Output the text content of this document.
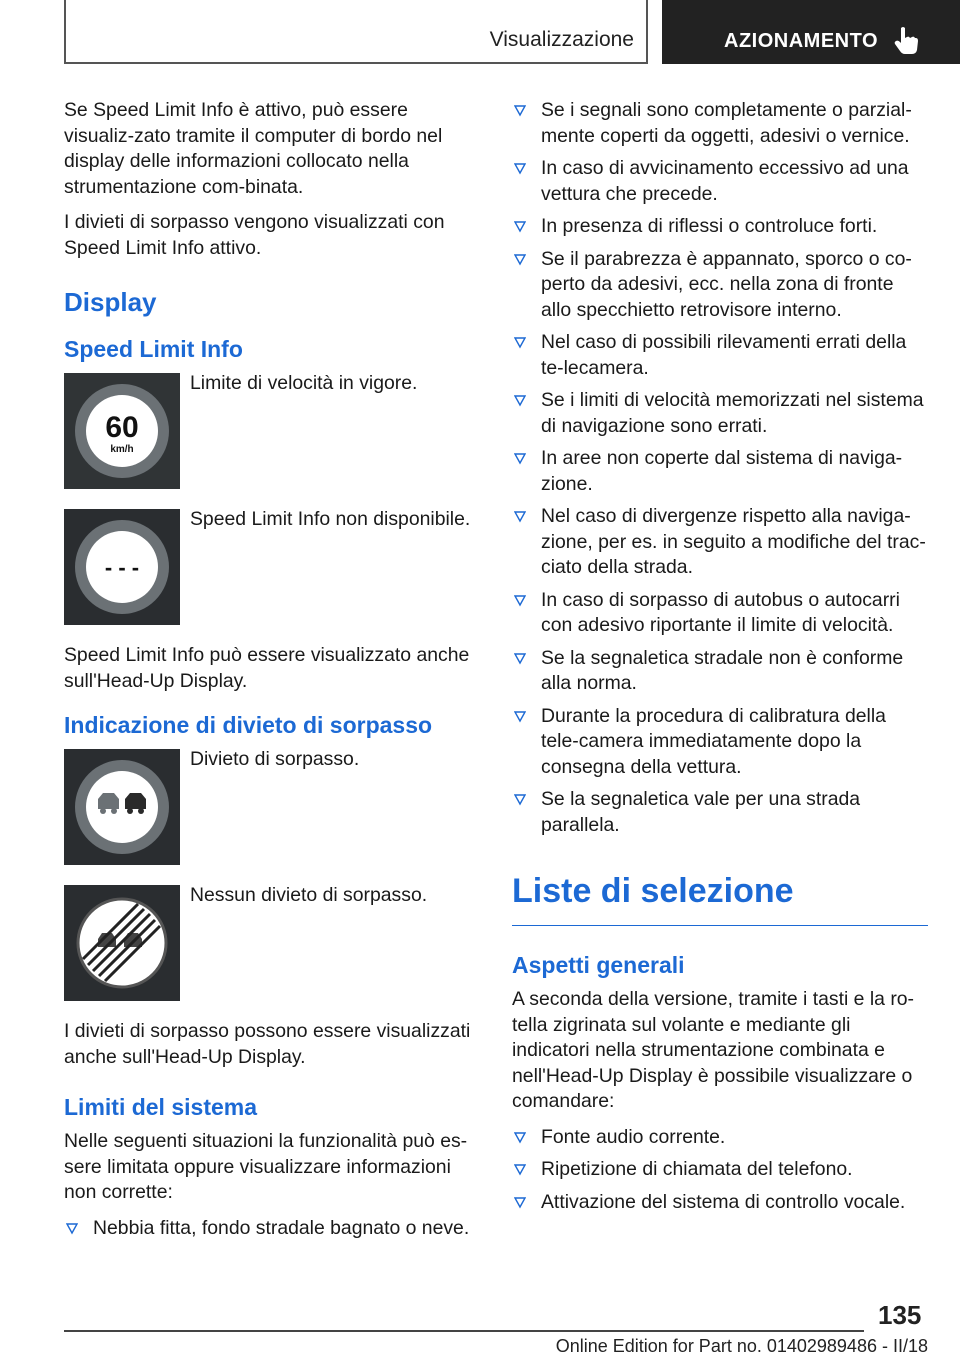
Visualizzazione	AZIONAMENTO

Se Speed Limit Info è attivo, può essere visualiz‐zato tramite il computer di bordo nel display delle informazioni collocato nella strumentazione com‐binata.

I divieti di sorpasso vengono visualizzati con Speed Limit Info attivo.

Display
Speed Limit Info
60
km/h
Limite di velocità in vigore.
- - -
Speed Limit Info non disponibile.

Speed Limit Info può essere visualizzato anche sull'Head-Up Display.

Indicazione di divieto di sorpasso
Divieto di sorpasso.
Nessun divieto di sorpasso.

I divieti di sorpasso possono essere visualizzati anche sull'Head-Up Display.

Limiti del sistema

Nelle seguenti situazioni la funzionalità può es‐sere limitata oppure visualizzare informazioni non corrette:

Nebbia fitta, fondo stradale bagnato o neve.
Se i segnali sono completamente o parzial‐mente coperti da oggetti, adesivi o vernice.
In caso di avvicinamento eccessivo ad una vettura che precede.
In presenza di riflessi o controluce forti.
Se il parabrezza è appannato, sporco o co‐perto da adesivi, ecc. nella zona di fronte allo specchietto retrovisore interno.
Nel caso di possibili rilevamenti errati della te‐lecamera.
Se i limiti di velocità memorizzati nel sistema di navigazione sono errati.
In aree non coperte dal sistema di naviga‐zione.
Nel caso di divergenze rispetto alla naviga‐zione, per es. in seguito a modifiche del trac‐ciato della strada.
In caso di sorpasso di autobus o autocarri con adesivo riportante il limite di velocità.
Se la segnaletica stradale non è conforme alla norma.
Durante la procedura di calibratura della tele‐camera immediatamente dopo la consegna della vettura.
Se la segnaletica vale per una strada parallela.
Liste di selezione
Aspetti generali

A seconda della versione, tramite i tasti e la ro‐tella zigrinata sul volante e mediante gli indicatori nella strumentazione combinata e nell'Head-Up Display è possibile visualizzare o comandare:

Fonte audio corrente.
Ripetizione di chiamata del telefono.
Attivazione del sistema di controllo vocale.
135
Online Edition for Part no. 01402989486 - II/18
